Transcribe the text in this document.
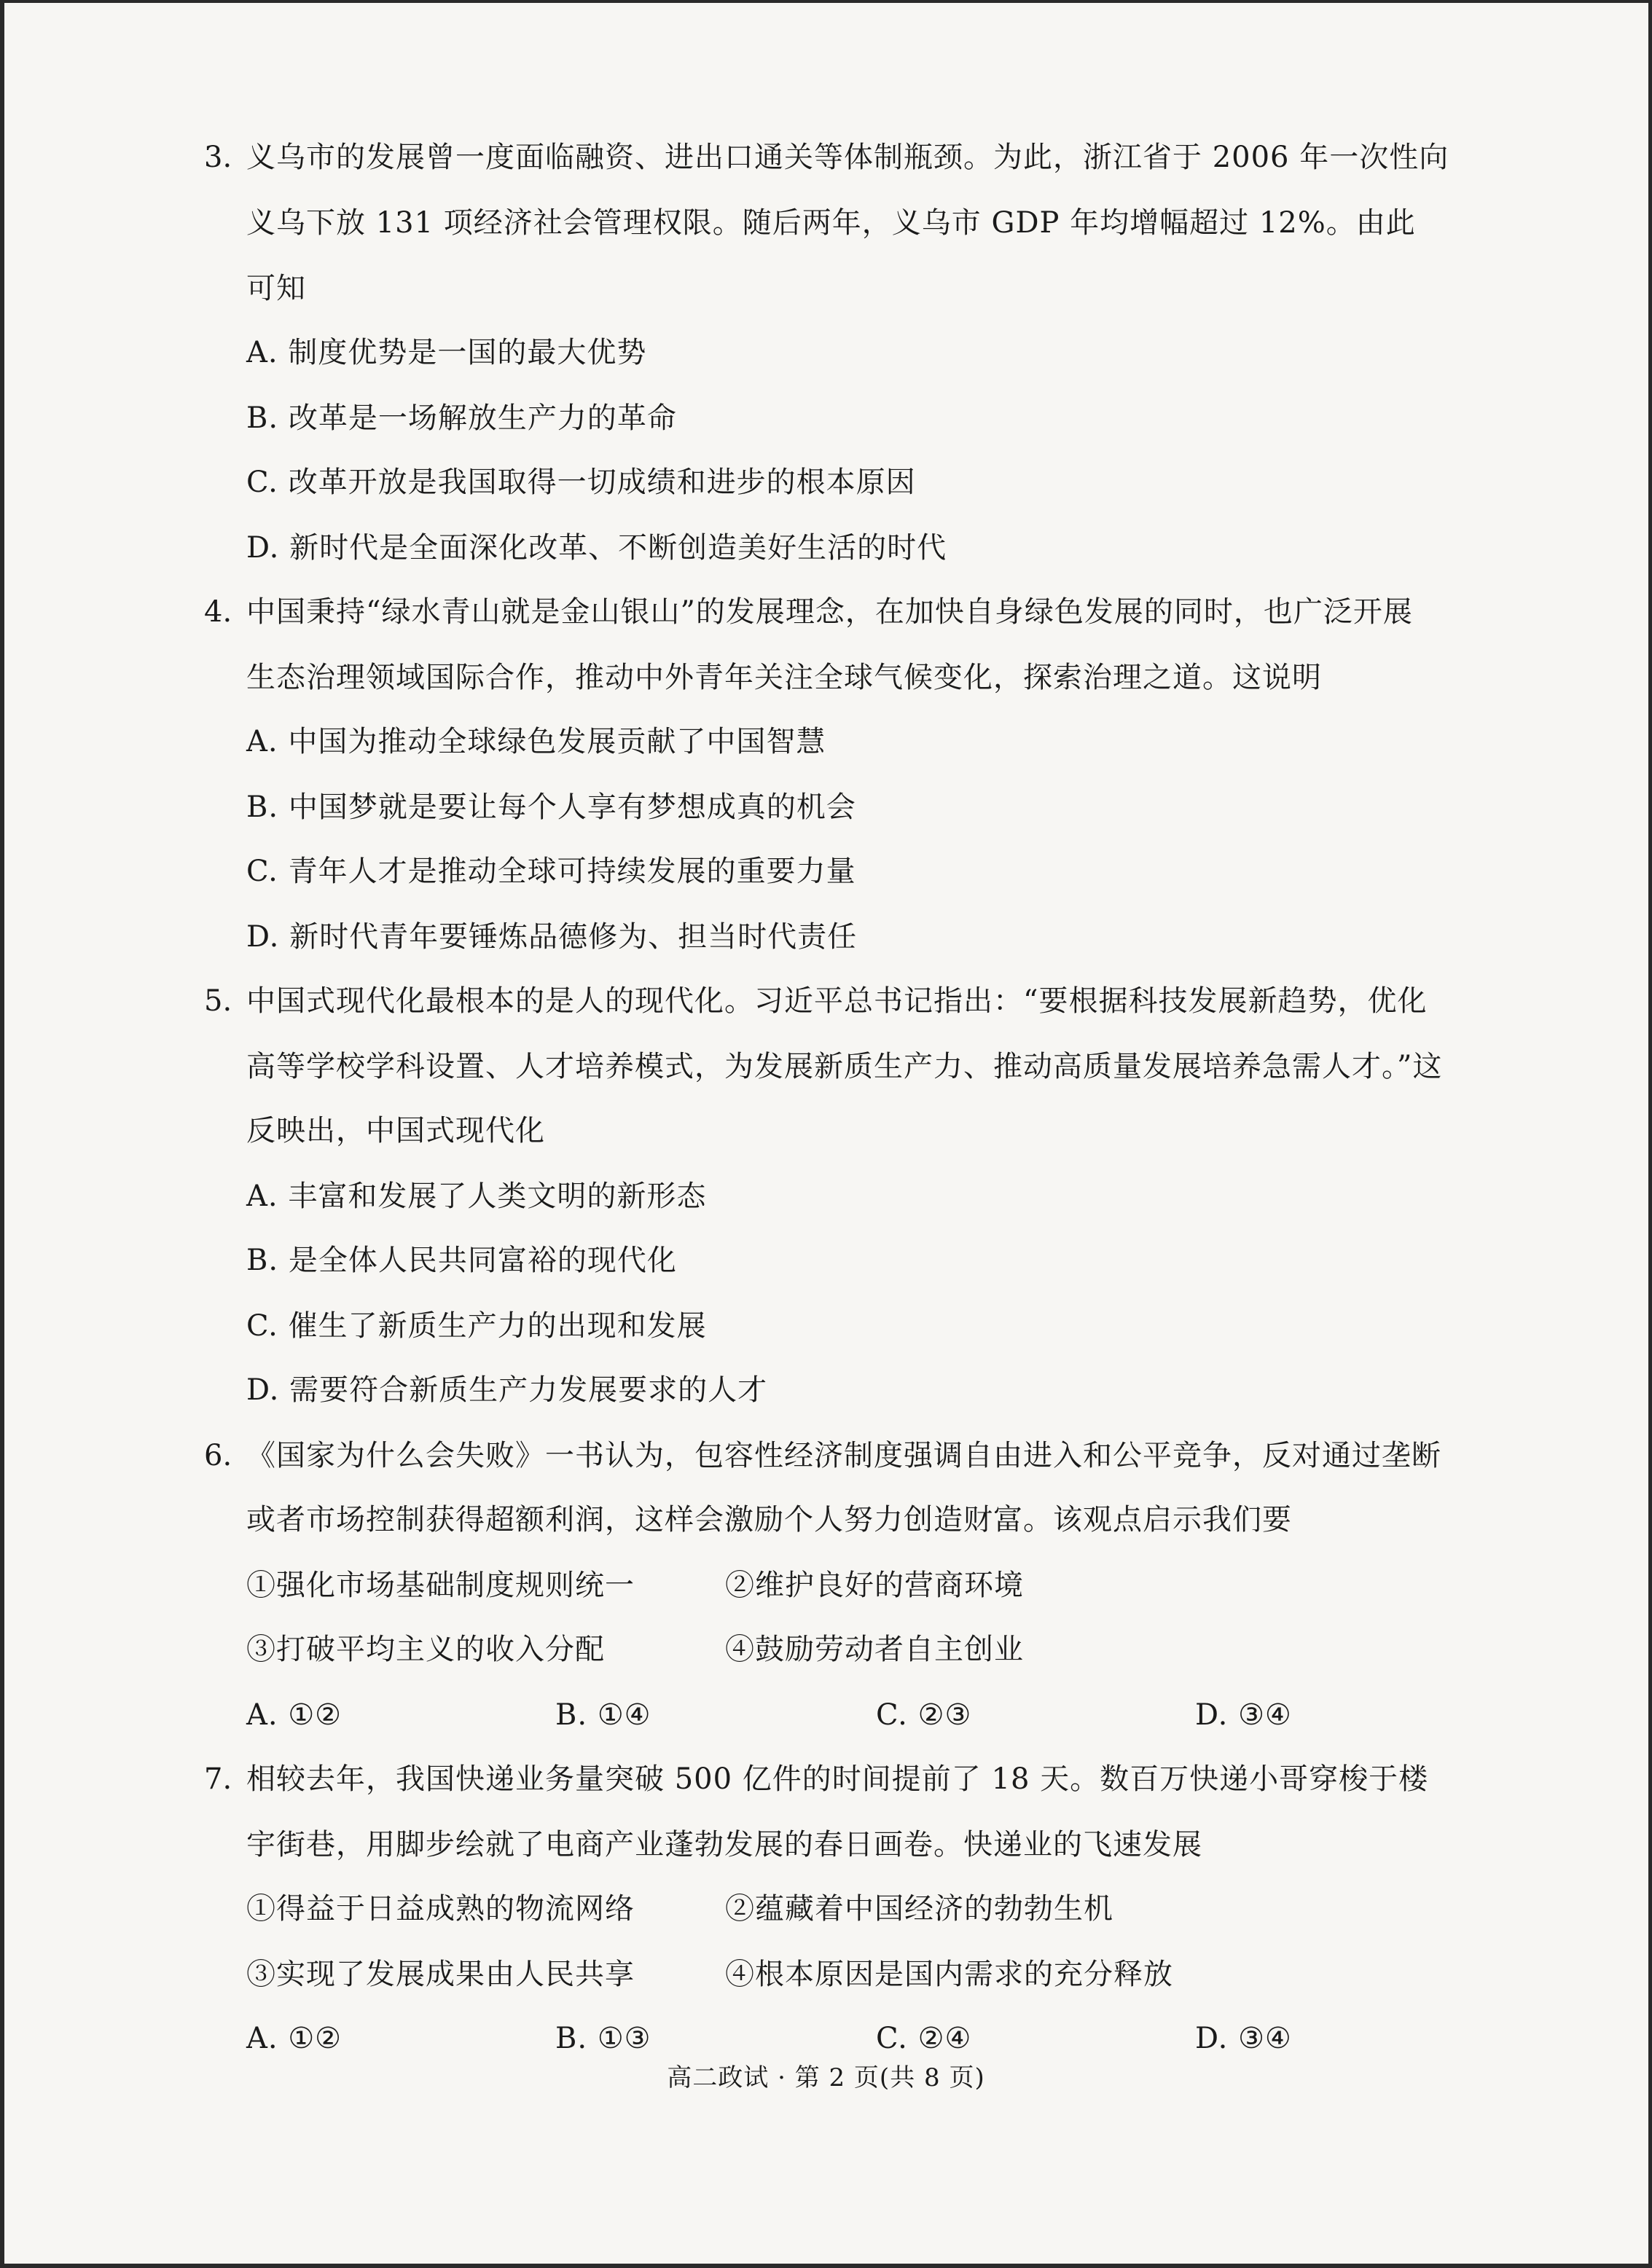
3. 义乌市的发展曾一度面临融资、进出口通关等体制瓶颈。为此，浙江省于 2006 年一次性向
义乌下放 131 项经济社会管理权限。随后两年，义乌市 GDP 年均增幅超过 12%。由此
可知
A. 制度优势是一国的最大优势
B. 改革是一场解放生产力的革命
C. 改革开放是我国取得一切成绩和进步的根本原因
D. 新时代是全面深化改革、不断创造美好生活的时代
4. 中国秉持“绿水青山就是金山银山”的发展理念，在加快自身绿色发展的同时，也广泛开展
生态治理领域国际合作，推动中外青年关注全球气候变化，探索治理之道。这说明
A. 中国为推动全球绿色发展贡献了中国智慧
B. 中国梦就是要让每个人享有梦想成真的机会
C. 青年人才是推动全球可持续发展的重要力量
D. 新时代青年要锤炼品德修为、担当时代责任
5. 中国式现代化最根本的是人的现代化。习近平总书记指出：“要根据科技发展新趋势，优化
高等学校学科设置、人才培养模式，为发展新质生产力、推动高质量发展培养急需人才。”这
反映出，中国式现代化
A. 丰富和发展了人类文明的新形态
B. 是全体人民共同富裕的现代化
C. 催生了新质生产力的出现和发展
D. 需要符合新质生产力发展要求的人才
6. 《国家为什么会失败》一书认为，包容性经济制度强调自由进入和公平竞争，反对通过垄断
或者市场控制获得超额利润，这样会激励个人努力创造财富。该观点启示我们要
①强化市场基础制度规则统一	②维护良好的营商环境
③打破平均主义的收入分配	④鼓励劳动者自主创业
A. ①②	B. ①④	C. ②③	D. ③④
7. 相较去年，我国快递业务量突破 500 亿件的时间提前了 18 天。数百万快递小哥穿梭于楼
宇街巷，用脚步绘就了电商产业蓬勃发展的春日画卷。快递业的飞速发展
①得益于日益成熟的物流网络	②蕴藏着中国经济的勃勃生机
③实现了发展成果由人民共享	④根本原因是国内需求的充分释放
A. ①②	B. ①③	C. ②④	D. ③④
高二政试 · 第 2 页(共 8 页)
